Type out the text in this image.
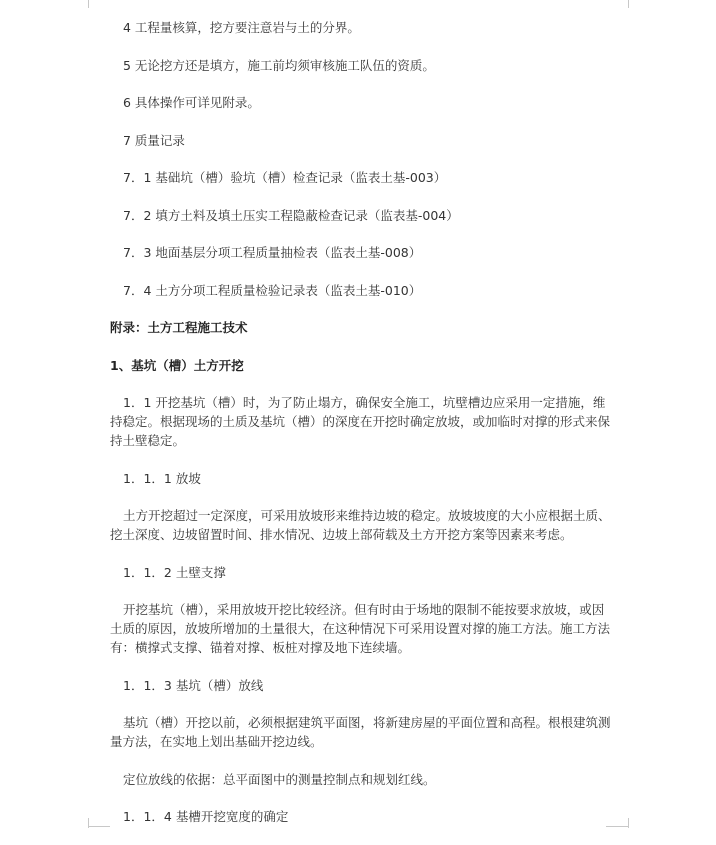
4 工程量核算，挖方要注意岩与土的分界。

5 无论挖方还是填方，施工前均须审核施工队伍的资质。

6 具体操作可详见附录。

7 质量记录

7．1 基础坑（槽）验坑（槽）检查记录（监表土基-003）

7．2 填方土料及填土压实工程隐蔽检查记录（监表基-004）

7．3 地面基层分项工程质量抽检表（监表土基-008）

7．4 土方分项工程质量检验记录表（监表土基-010）

附录：土方工程施工技术

1、基坑（槽）土方开挖

1．1 开挖基坑（槽）时，为了防止塌方，确保安全施工，坑壁槽边应采用一定措施，维持稳定。根据现场的土质及基坑（槽）的深度在开挖时确定放坡，或加临时对撑的形式来保持土壁稳定。

1．1．1 放坡

土方开挖超过一定深度，可采用放坡形来维持边坡的稳定。放坡坡度的大小应根据土质、挖土深度、边坡留置时间、排水情况、边坡上部荷载及土方开挖方案等因素来考虑。

1．1．2 土壁支撑

开挖基坑（槽），采用放坡开挖比较经济。但有时由于场地的限制不能按要求放坡，或因土质的原因，放坡所增加的土量很大，在这种情况下可采用设置对撑的施工方法。施工方法有：横撑式支撑、锚着对撑、板桩对撑及地下连续墙。

1．1．3 基坑（槽）放线

基坑（槽）开挖以前，必须根据建筑平面图，将新建房屋的平面位置和高程。根根建筑测量方法，在实地上划出基础开挖边线。

定位放线的依据：总平面图中的测量控制点和规划红线。

1．1．4 基槽开挖宽度的确定
